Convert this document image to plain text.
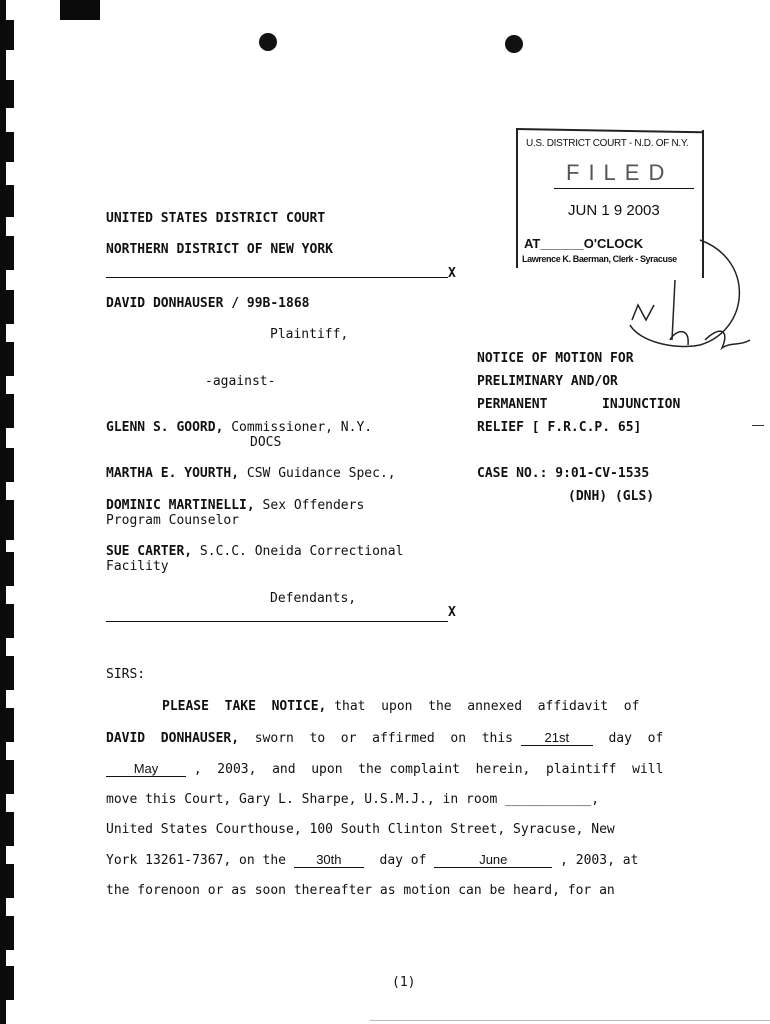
UNITED STATES DISTRICT COURT
NORTHERN DISTRICT OF NEW YORK
X
DAVID DONHAUSER / 99B-1868
Plaintiff,
-against-
GLENN S. GOORD, Commissioner, N.Y.
DOCS
MARTHA E. YOURTH, CSW Guidance Spec.,
DOMINIC MARTINELLI, Sex Offenders
Program Counselor
SUE CARTER, S.C.C. Oneida Correctional
Facility
Defendants,
X
NOTICE OF MOTION FOR
PRELIMINARY AND/OR
PERMANENT	INJUNCTION
RELIEF [ F.R.C.P. 65]
CASE NO.: 9:01-CV-1535
(DNH) (GLS)
U.S. DISTRICT COURT - N.D. OF N.Y.
FILED
JUN 1 9 2003
AT______O'CLOCK
Lawrence K. Baerman, Clerk - Syracuse
SIRS:
PLEASE  TAKE  NOTICE, that  upon  the  annexed  affidavit  of
DAVID  DONHAUSER,  sworn  to  or  affirmed  on  this 21st  day  of
May ,  2003,  and  upon  the complaint  herein,  plaintiff  will
move this Court, Gary L. Sharpe, U.S.M.J., in room ___________,
United States Courthouse, 100 South Clinton Street, Syracuse, New
York 13261-7367, on the 30th  day of	June	, 2003, at
the forenoon or as soon thereafter as motion can be heard, for an
(1)
